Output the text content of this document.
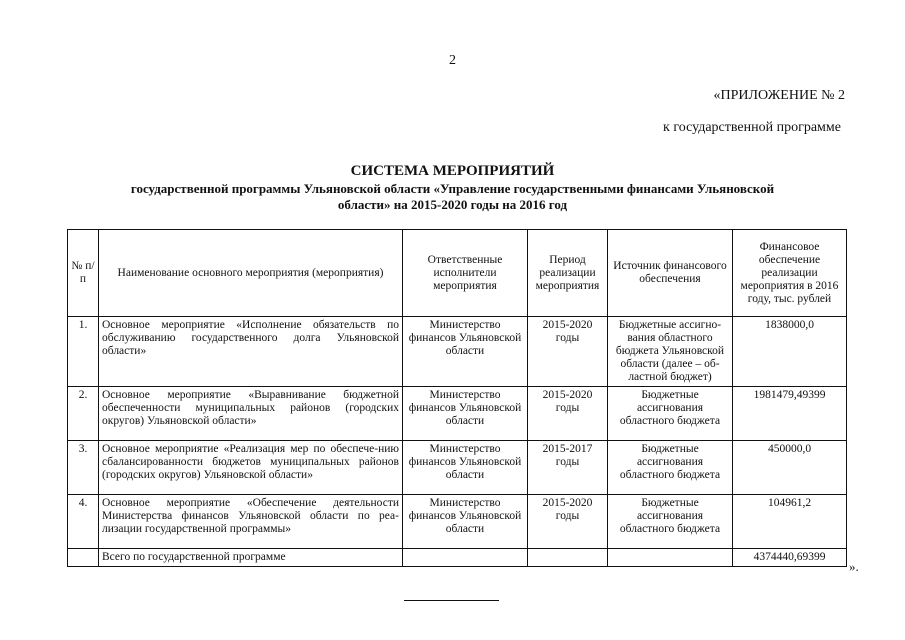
2
«ПРИЛОЖЕНИЕ № 2
к государственной программе
СИСТЕМА МЕРОПРИЯТИЙ
государственной программы Ульяновской области «Управление государственными финансами Ульяновской области» на 2015-2020 годы на 2016 год
№ п/п	Наименование основного мероприятия (мероприятия)	Ответственные исполнители мероприятия	Период реализации мероприятия	Источник финансового обеспечения	Финансовое обеспечение реализации мероприятия в 2016 году, тыс. рублей
1.	Основное мероприятие «Исполнение обязательств по обслуживанию государственного долга Ульяновской области»	Министерство финансов Ульяновской области	2015-2020 годы	Бюджетные ассигно-вания областного бюджета Ульяновской области (далее – об-ластной бюджет)	1838000,0
2.	Основное мероприятие «Выравнивание бюджетной обеспеченности муниципальных районов (городских округов) Ульяновской области»	Министерство финансов Ульяновской области	2015-2020 годы	Бюджетные ассигнования областного бюджета	1981479,49399
3.	Основное мероприятие «Реализация мер по обеспече-нию сбалансированности бюджетов муниципальных районов (городских округов) Ульяновской области»	Министерство финансов Ульяновской области	2015-2017 годы	Бюджетные ассигнования областного бюджета	450000,0
4.	Основное мероприятие «Обеспечение деятельности Министерства финансов Ульяновской области по реа-лизации государственной программы»	Министерство финансов Ульяновской области	2015-2020 годы	Бюджетные ассигнования областного бюджета	104961,2
	Всего по государственной программе				4374440,69399
».
